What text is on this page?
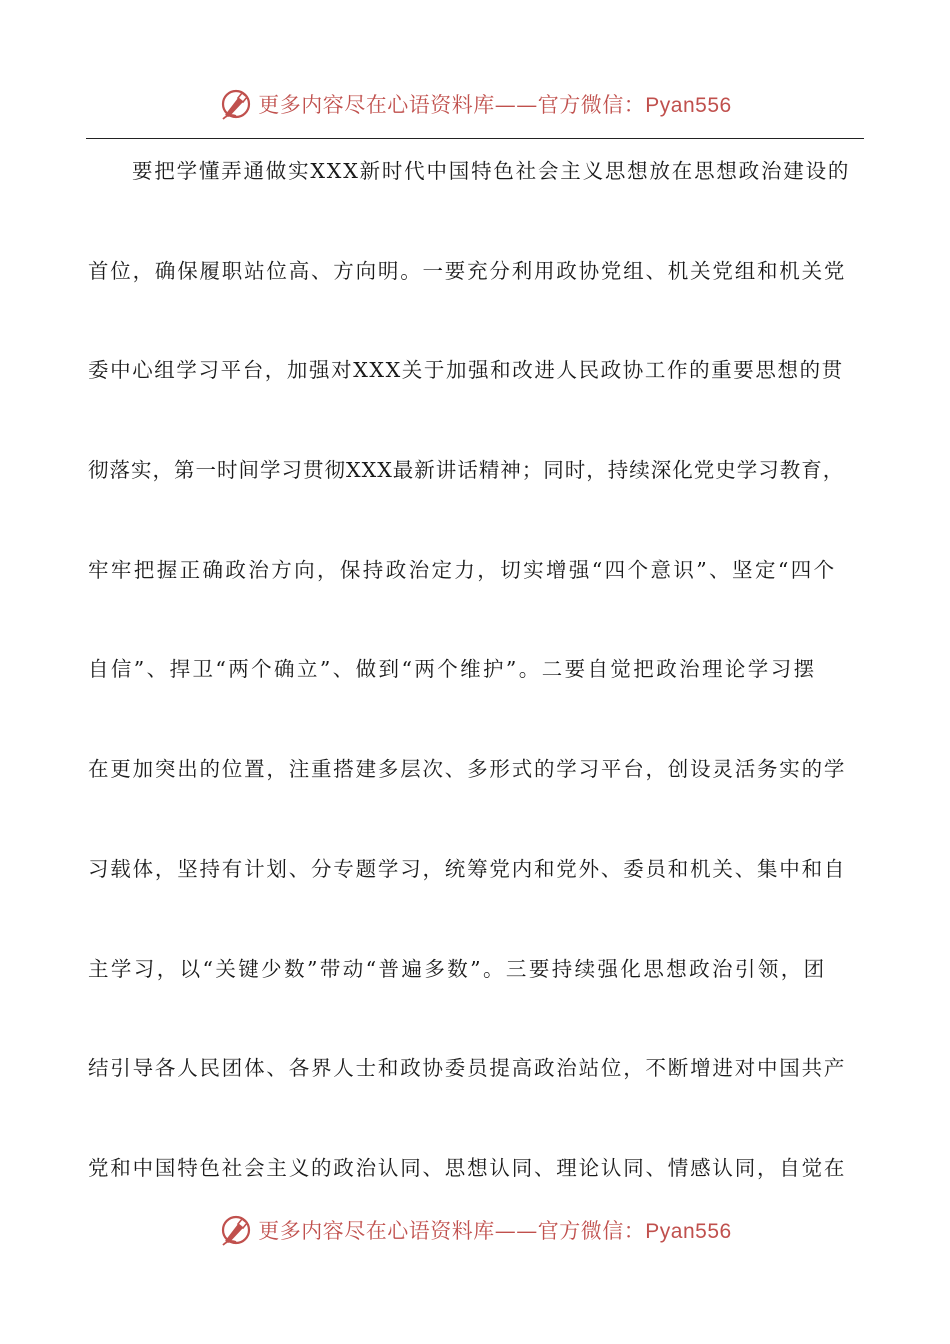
更多内容尽在心语资料库——官方微信：Pyan556
要把学懂弄通做实XXX新时代中国特色社会主义思想放在思想政治建设的
首位，确保履职站位高、方向明。一要充分利用政协党组、机关党组和机关党
委中心组学习平台，加强对XXX关于加强和改进人民政协工作的重要思想的贯
彻落实，第一时间学习贯彻XXX最新讲话精神；同时，持续深化党史学习教育，
牢牢把握正确政治方向，保持政治定力，切实增强“四个意识”、坚定“四个
自信”、捍卫“两个确立”、做到“两个维护”。二要自觉把政治理论学习摆
在更加突出的位置，注重搭建多层次、多形式的学习平台，创设灵活务实的学
习载体，坚持有计划、分专题学习，统筹党内和党外、委员和机关、集中和自
主学习，以“关键少数”带动“普遍多数”。三要持续强化思想政治引领，团
结引导各人民团体、各界人士和政协委员提高政治站位，不断增进对中国共产
党和中国特色社会主义的政治认同、思想认同、理论认同、情感认同，自觉在
更多内容尽在心语资料库——官方微信：Pyan556
